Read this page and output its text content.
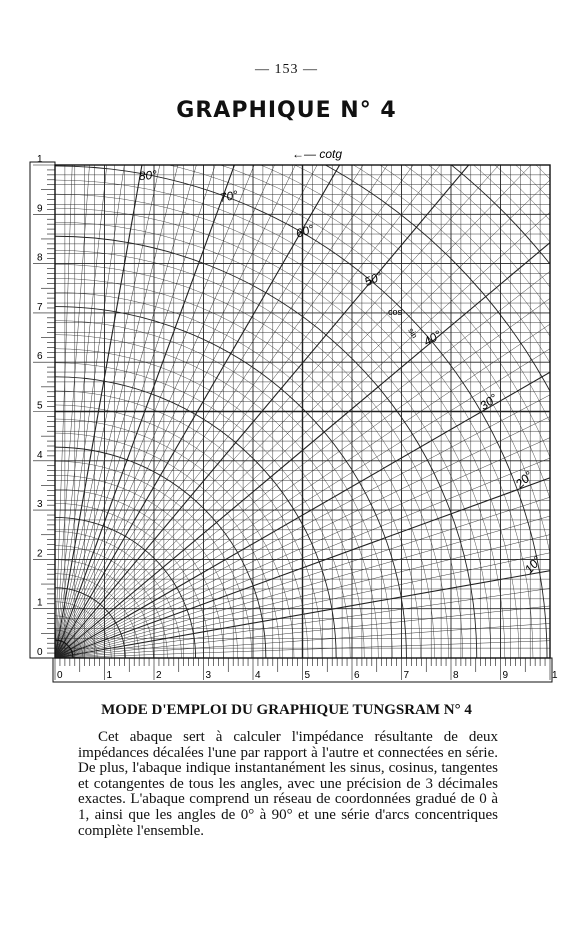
— 153 —
GRAPHIQUE N° 4
0
1
2
3
4
5
6
7
8
9
1
0	1	2	3	4	5	6	7	8	9	1
10°
20°
30°
40°
50°
60°
70°
80°
←— cotg
cos
sin
MODE D'EMPLOI DU GRAPHIQUE TUNGSRAM N° 4

Cet abaque sert à calculer l'impédance résultante de deux impédances décalées l'une par rapport à l'autre et connectées en série. De plus, l'abaque indique instantanément les sinus, cosinus, tangentes et cotangentes de tous les angles, avec une précision de 3 décimales exactes. L'abaque comprend un réseau de coordonnées gradué de 0 à 1, ainsi que les angles de 0° à 90° et une série d'arcs concentriques complète l'ensemble.
